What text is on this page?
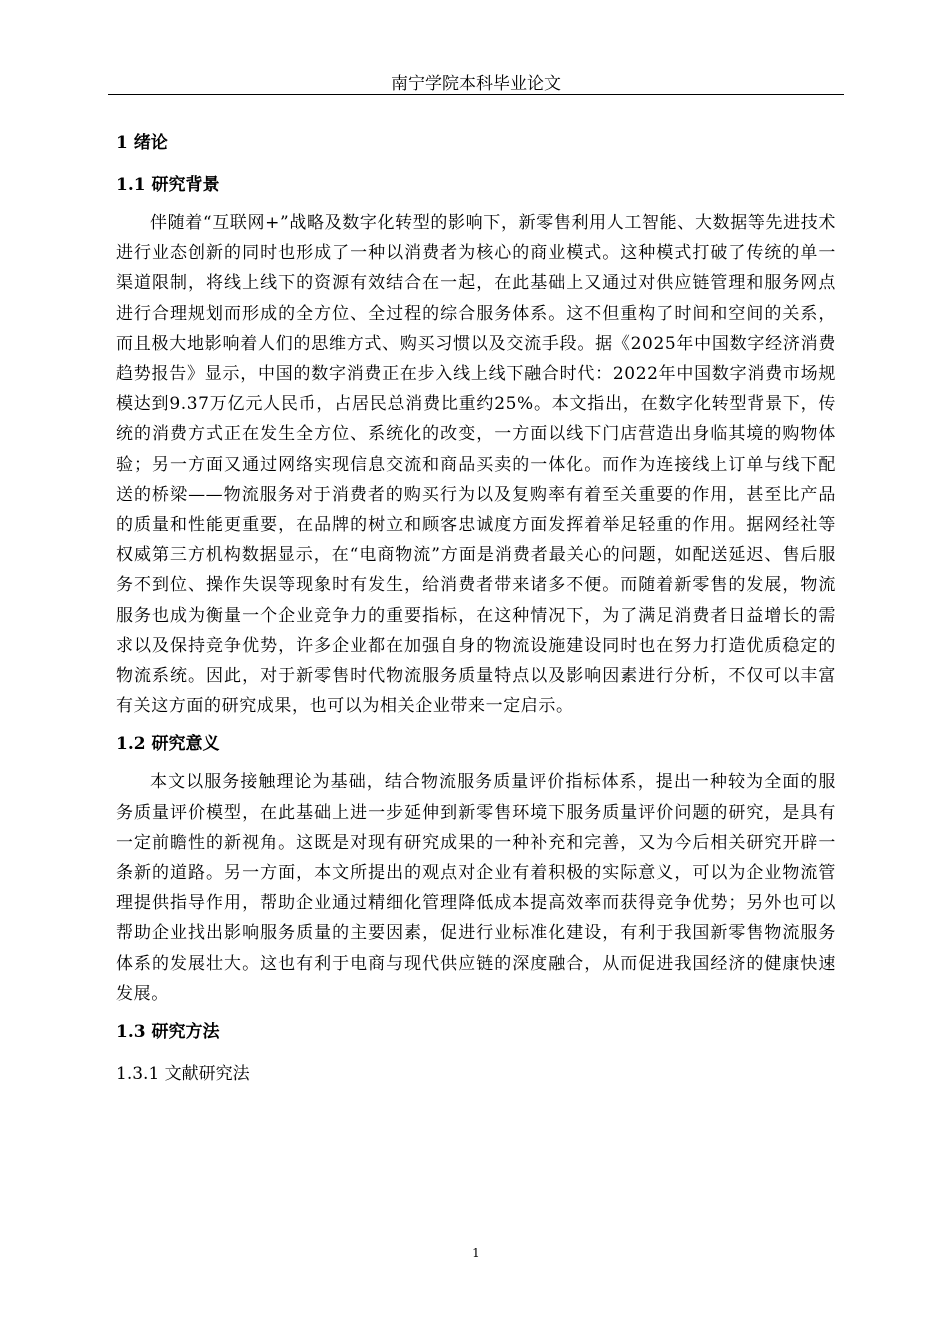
南宁学院本科毕业论文
1 绪论
1.1 研究背景

伴随着“互联网+”战略及数字化转型的影响下，新零售利用人工智能、大数据等先进技术进行业态创新的同时也形成了一种以消费者为核心的商业模式。这种模式打破了传统的单一渠道限制，将线上线下的资源有效结合在一起，在此基础上又通过对供应链管理和服务网点进行合理规划而形成的全方位、全过程的综合服务体系。这不但重构了时间和空间的关系，而且极大地影响着人们的思维方式、购买习惯以及交流手段。据《2025年中国数字经济消费趋势报告》显示，中国的数字消费正在步入线上线下融合时代：2022年中国数字消费市场规模达到9.37万亿元人民币，占居民总消费比重约25%。本文指出，在数字化转型背景下，传统的消费方式正在发生全方位、系统化的改变，一方面以线下门店营造出身临其境的购物体验；另一方面又通过网络实现信息交流和商品买卖的一体化。而作为连接线上订单与线下配送的桥梁——物流服务对于消费者的购买行为以及复购率有着至关重要的作用，甚至比产品的质量和性能更重要，在品牌的树立和顾客忠诚度方面发挥着举足轻重的作用。据网经社等权威第三方机构数据显示，在“电商物流”方面是消费者最关心的问题，如配送延迟、售后服务不到位、操作失误等现象时有发生，给消费者带来诸多不便。而随着新零售的发展，物流服务也成为衡量一个企业竞争力的重要指标，在这种情况下，为了满足消费者日益增长的需求以及保持竞争优势，许多企业都在加强自身的物流设施建设同时也在努力打造优质稳定的物流系统。因此，对于新零售时代物流服务质量特点以及影响因素进行分析，不仅可以丰富有关这方面的研究成果，也可以为相关企业带来一定启示。

1.2 研究意义

本文以服务接触理论为基础，结合物流服务质量评价指标体系，提出一种较为全面的服务质量评价模型，在此基础上进一步延伸到新零售环境下服务质量评价问题的研究，是具有一定前瞻性的新视角。这既是对现有研究成果的一种补充和完善，又为今后相关研究开辟一条新的道路。另一方面，本文所提出的观点对企业有着积极的实际意义，可以为企业物流管理提供指导作用，帮助企业通过精细化管理降低成本提高效率而获得竞争优势；另外也可以帮助企业找出影响服务质量的主要因素，促进行业标准化建设，有利于我国新零售物流服务体系的发展壮大。这也有利于电商与现代供应链的深度融合，从而促进我国经济的健康快速发展。

1.3 研究方法
1.3.1 文献研究法
1
